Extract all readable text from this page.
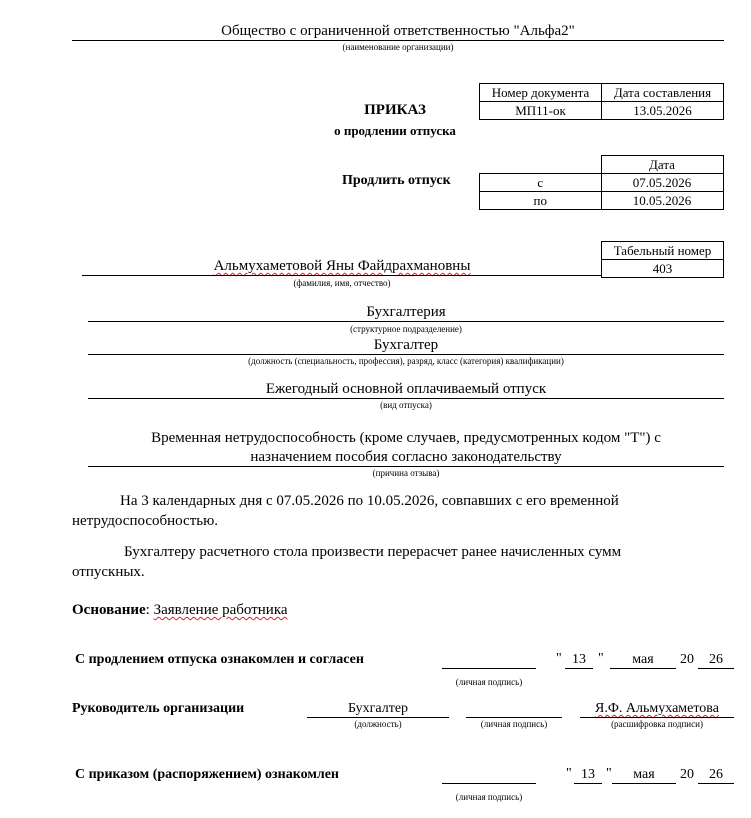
Общество с ограниченной ответственностью "Альфа2"
(наименование организации)
ПРИКАЗ
о продлении отпуска
Номер документа	Дата составления
МП11-ок	13.05.2026
Продлить отпуск
	Дата
с	07.05.2026
по	10.05.2026
Табельный номер
403
Альмухаметовой Яны Файдрахмановны
(фамилия, имя, отчество)
Бухгалтерия
(структурное подразделение)
Бухгалтер
(должность (специальность, профессия), разряд, класс (категория) квалификации)
Ежегодный основной оплачиваемый отпуск
(вид отпуска)
Временная нетрудоспособность (кроме случаев, предусмотренных кодом "Т") с
назначением пособия согласно законодательству
(причина отзыва)
На 3 календарных дня с 07.05.2026 по 10.05.2026, совпавших с его временной
нетрудоспособностью.
Бухгалтеру расчетного стола произвести перерасчет ранее начисленных сумм
отпускных.
Основание: Заявление работника
С продлением отпуска ознакомлен и согласен
(личная подпись)
" 13 "	мая	20	26
Руководитель организации	Бухгалтер
(должность)	(личная подпись)
Я.Ф. Альмухаметова
(расшифровка подписи)
С приказом (распоряжением) ознакомлен
(личная подпись)
" 13 "	мая	20	26
